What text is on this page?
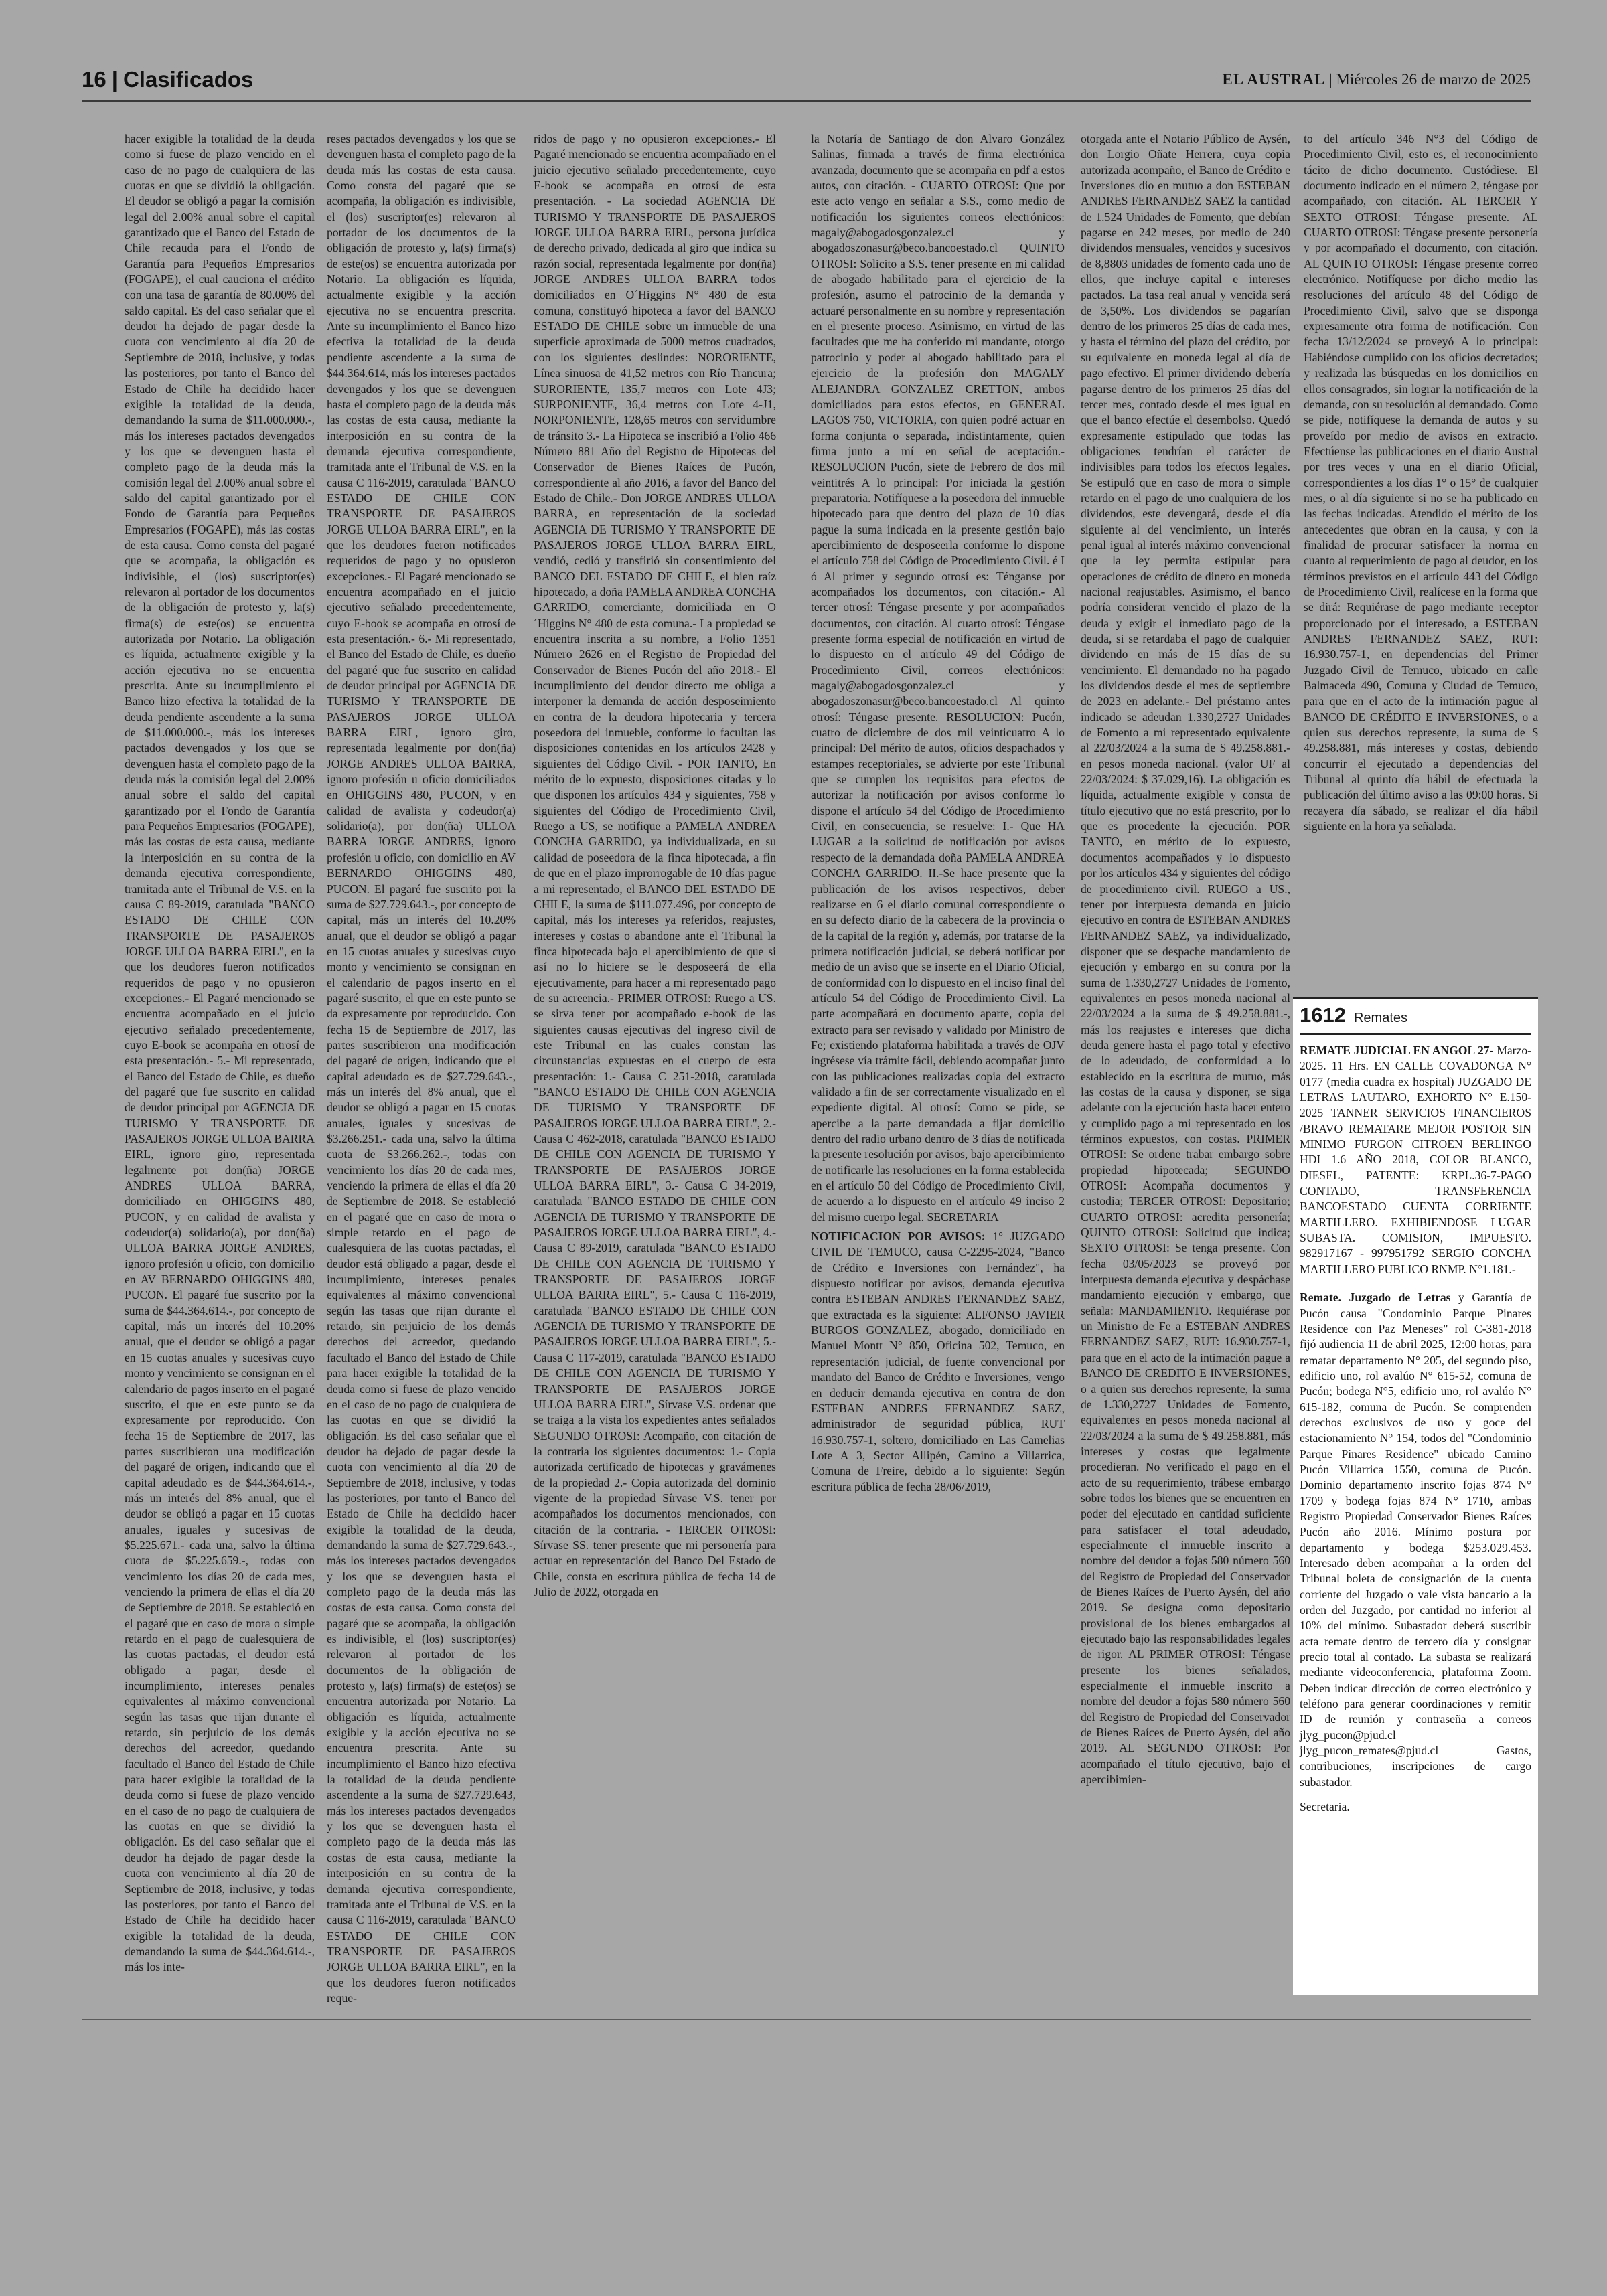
16 | Clasificados	EL AUSTRAL | Miércoles 26 de marzo de 2025

hacer exigible la totalidad de la deuda como si fuese de plazo vencido en el caso de no pago de cualquiera de las cuotas en que se dividió la obligación. El deudor se obligó a pagar la comisión legal del 2.00% anual sobre el capital garantizado que el Banco del Estado de Chile recauda para el Fondo de Garantía para Pequeños Empresarios (FOGAPE), el cual cauciona el crédito con una tasa de garantía de 80.00% del saldo capital. Es del caso señalar que el deudor ha dejado de pagar desde la cuota con vencimiento al día 20 de Septiembre de 2018, inclusive, y todas las posteriores, por tanto el Banco del Estado de Chile ha decidido hacer exigible la totalidad de la deuda, demandando la suma de $11.000.000.-, más los intereses pactados devengados y los que se devenguen hasta el completo pago de la deuda más la comisión legal del 2.00% anual sobre el saldo del capital garantizado por el Fondo de Garantía para Pequeños Empresarios (FOGAPE), más las costas de esta causa. Como consta del pagaré que se acompaña, la obligación es indivisible, el (los) suscriptor(es) relevaron al portador de los documentos de la obligación de protesto y, la(s) firma(s) de este(os) se encuentra autorizada por Notario. La obligación es líquida, actualmente exigible y la acción ejecutiva no se encuentra prescrita. Ante su incumplimiento el Banco hizo efectiva la totalidad de la deuda pendiente ascendente a la suma de $11.000.000.-, más los intereses pactados devengados y los que se devenguen hasta el completo pago de la deuda más la comisión legal del 2.00% anual sobre el saldo del capital garantizado por el Fondo de Garantía para Pequeños Empresarios (FOGAPE), más las costas de esta causa, mediante la interposición en su contra de la demanda ejecutiva correspondiente, tramitada ante el Tribunal de V.S. en la causa C 89-2019, caratulada "BANCO ESTADO DE CHILE CON TRANSPORTE DE PASAJEROS JORGE ULLOA BARRA EIRL", en la que los deudores fueron notificados requeridos de pago y no opusieron excepciones.- El Pagaré mencionado se encuentra acompañado en el juicio ejecutivo señalado precedentemente, cuyo E-book se acompaña en otrosí de esta presentación.- 5.- Mi representado, el Banco del Estado de Chile, es dueño del pagaré que fue suscrito en calidad de deudor principal por AGENCIA DE TURISMO Y TRANSPORTE DE PASAJEROS JORGE ULLOA BARRA EIRL, ignoro giro, representada legalmente por don(ña) JORGE ANDRES ULLOA BARRA, domiciliado en OHIGGINS 480, PUCON, y en calidad de avalista y codeudor(a) solidario(a), por don(ña) ULLOA BARRA JORGE ANDRES, ignoro profesión u oficio, con domicilio en AV BERNARDO OHIGGINS 480, PUCON. El pagaré fue suscrito por la suma de $44.364.614.-, por concepto de capital, más un interés del 10.20% anual, que el deudor se obligó a pagar en 15 cuotas anuales y sucesivas cuyo monto y vencimiento se consignan en el calendario de pagos inserto en el pagaré suscrito, el que en este punto se da expresamente por reproducido. Con fecha 15 de Septiembre de 2017, las partes suscribieron una modificación del pagaré de origen, indicando que el capital adeudado es de $44.364.614.-, más un interés del 8% anual, que el deudor se obligó a pagar en 15 cuotas anuales, iguales y sucesivas de $5.225.671.- cada una, salvo la última cuota de $5.225.659.-, todas con vencimiento los días 20 de cada mes, venciendo la primera de ellas el día 20 de Septiembre de 2018. Se estableció en el pagaré que en caso de mora o simple retardo en el pago de cualesquiera de las cuotas pactadas, el deudor está obligado a pagar, desde el incumplimiento, intereses penales equivalentes al máximo convencional según las tasas que rijan durante el retardo, sin perjuicio de los demás derechos del acreedor, quedando facultado el Banco del Estado de Chile para hacer exigible la totalidad de la deuda como si fuese de plazo vencido en el caso de no pago de cualquiera de las cuotas en que se dividió la obligación. Es del caso señalar que el deudor ha dejado de pagar desde la cuota con vencimiento al día 20 de Septiembre de 2018, inclusive, y todas las posteriores, por tanto el Banco del Estado de Chile ha decidido hacer exigible la totalidad de la deuda, demandando la suma de $44.364.614.-, más los inte-

reses pactados devengados y los que se devenguen hasta el completo pago de la deuda más las costas de esta causa. Como consta del pagaré que se acompaña, la obligación es indivisible, el (los) suscriptor(es) relevaron al portador de los documentos de la obligación de protesto y, la(s) firma(s) de este(os) se encuentra autorizada por Notario. La obligación es líquida, actualmente exigible y la acción ejecutiva no se encuentra prescrita. Ante su incumplimiento el Banco hizo efectiva la totalidad de la deuda pendiente ascendente a la suma de $44.364.614, más los intereses pactados devengados y los que se devenguen hasta el completo pago de la deuda más las costas de esta causa, mediante la interposición en su contra de la demanda ejecutiva correspondiente, tramitada ante el Tribunal de V.S. en la causa C 116-2019, caratulada "BANCO ESTADO DE CHILE CON TRANSPORTE DE PASAJEROS JORGE ULLOA BARRA EIRL", en la que los deudores fueron notificados requeridos de pago y no opusieron excepciones.- El Pagaré mencionado se encuentra acompañado en el juicio ejecutivo señalado precedentemente, cuyo E-book se acompaña en otrosí de esta presentación.- 6.- Mi representado, el Banco del Estado de Chile, es dueño del pagaré que fue suscrito en calidad de deudor principal por AGENCIA DE TURISMO Y TRANSPORTE DE PASAJEROS JORGE ULLOA BARRA EIRL, ignoro giro, representada legalmente por don(ña) JORGE ANDRES ULLOA BARRA, ignoro profesión u oficio domiciliados en OHIGGINS 480, PUCON, y en calidad de avalista y codeudor(a) solidario(a), por don(ña) ULLOA BARRA JORGE ANDRES, ignoro profesión u oficio, con domicilio en AV BERNARDO OHIGGINS 480, PUCON. El pagaré fue suscrito por la suma de $27.729.643.-, por concepto de capital, más un interés del 10.20% anual, que el deudor se obligó a pagar en 15 cuotas anuales y sucesivas cuyo monto y vencimiento se consignan en el calendario de pagos inserto en el pagaré suscrito, el que en este punto se da expresamente por reproducido. Con fecha 15 de Septiembre de 2017, las partes suscribieron una modificación del pagaré de origen, indicando que el capital adeudado es de $27.729.643.-, más un interés del 8% anual, que el deudor se obligó a pagar en 15 cuotas anuales, iguales y sucesivas de $3.266.251.- cada una, salvo la última cuota de $3.266.262.-, todas con vencimiento los días 20 de cada mes, venciendo la primera de ellas el día 20 de Septiembre de 2018. Se estableció en el pagaré que en caso de mora o simple retardo en el pago de cualesquiera de las cuotas pactadas, el deudor está obligado a pagar, desde el incumplimiento, intereses penales equivalentes al máximo convencional según las tasas que rijan durante el retardo, sin perjuicio de los demás derechos del acreedor, quedando facultado el Banco del Estado de Chile para hacer exigible la totalidad de la deuda como si fuese de plazo vencido en el caso de no pago de cualquiera de las cuotas en que se dividió la obligación. Es del caso señalar que el deudor ha dejado de pagar desde la cuota con vencimiento al día 20 de Septiembre de 2018, inclusive, y todas las posteriores, por tanto el Banco del Estado de Chile ha decidido hacer exigible la totalidad de la deuda, demandando la suma de $27.729.643.-, más los intereses pactados devengados y los que se devenguen hasta el completo pago de la deuda más las costas de esta causa. Como consta del pagaré que se acompaña, la obligación es indivisible, el (los) suscriptor(es) relevaron al portador de los documentos de la obligación de protesto y, la(s) firma(s) de este(os) se encuentra autorizada por Notario. La obligación es líquida, actualmente exigible y la acción ejecutiva no se encuentra prescrita. Ante su incumplimiento el Banco hizo efectiva la totalidad de la deuda pendiente ascendente a la suma de $27.729.643, más los intereses pactados devengados y los que se devenguen hasta el completo pago de la deuda más las costas de esta causa, mediante la interposición en su contra de la demanda ejecutiva correspondiente, tramitada ante el Tribunal de V.S. en la causa C 116-2019, caratulada "BANCO ESTADO DE CHILE CON TRANSPORTE DE PASAJEROS JORGE ULLOA BARRA EIRL", en la que los deudores fueron notificados reque-

ridos de pago y no opusieron excepciones.- El Pagaré mencionado se encuentra acompañado en el juicio ejecutivo señalado precedentemente, cuyo E-book se acompaña en otrosí de esta presentación. - La sociedad AGENCIA DE TURISMO Y TRANSPORTE DE PASAJEROS JORGE ULLOA BARRA EIRL, persona jurídica de derecho privado, dedicada al giro que indica su razón social, representada legalmente por don(ña) JORGE ANDRES ULLOA BARRA todos domiciliados en O´Higgins N° 480 de esta comuna, constituyó hipoteca a favor del BANCO ESTADO DE CHILE sobre un inmueble de una superficie aproximada de 5000 metros cuadrados, con los siguientes deslindes: NORORIENTE, Línea sinuosa de 41,52 metros con Río Trancura; SURORIENTE, 135,7 metros con Lote 4J3; SURPONIENTE, 36,4 metros con Lote 4-J1, NORPONIENTE, 128,65 metros con servidumbre de tránsito 3.- La Hipoteca se inscribió a Folio 466 Número 881 Año del Registro de Hipotecas del Conservador de Bienes Raíces de Pucón, correspondiente al año 2016, a favor del Banco del Estado de Chile.- Don JORGE ANDRES ULLOA BARRA, en representación de la sociedad AGENCIA DE TURISMO Y TRANSPORTE DE PASAJEROS JORGE ULLOA BARRA EIRL, vendió, cedió y transfirió sin consentimiento del BANCO DEL ESTADO DE CHILE, el bien raíz hipotecado, a doña PAMELA ANDREA CONCHA GARRIDO, comerciante, domiciliada en O´Higgins N° 480 de esta comuna.- La propiedad se encuentra inscrita a su nombre, a Folio 1351 Número 2626 en el Registro de Propiedad del Conservador de Bienes Pucón del año 2018.- El incumplimiento del deudor directo me obliga a interponer la demanda de acción desposeimiento en contra de la deudora hipotecaria y tercera poseedora del inmueble, conforme lo facultan las disposiciones contenidas en los artículos 2428 y siguientes del Código Civil. - POR TANTO, En mérito de lo expuesto, disposiciones citadas y lo que disponen los artículos 434 y siguientes, 758 y siguientes del Código de Procedimiento Civil, Ruego a US, se notifique a PAMELA ANDREA CONCHA GARRIDO, ya individualizada, en su calidad de poseedora de la finca hipotecada, a fin de que en el plazo improrrogable de 10 días pague a mi representado, el BANCO DEL ESTADO DE CHILE, la suma de $111.077.496, por concepto de capital, más los intereses ya referidos, reajustes, intereses y costas o abandone ante el Tribunal la finca hipotecada bajo el apercibimiento de que si así no lo hiciere se le desposeerá de ella ejecutivamente, para hacer a mi representado pago de su acreencia.- PRIMER OTROSI: Ruego a US. se sirva tener por acompañado e-book de las siguientes causas ejecutivas del ingreso civil de este Tribunal en las cuales constan las circunstancias expuestas en el cuerpo de esta presentación: 1.- Causa C 251-2018, caratulada "BANCO ESTADO DE CHILE CON AGENCIA DE TURISMO Y TRANSPORTE DE PASAJEROS JORGE ULLOA BARRA EIRL", 2.- Causa C 462-2018, caratulada "BANCO ESTADO DE CHILE CON AGENCIA DE TURISMO Y TRANSPORTE DE PASAJEROS JORGE ULLOA BARRA EIRL", 3.- Causa C 34-2019, caratulada "BANCO ESTADO DE CHILE CON AGENCIA DE TURISMO Y TRANSPORTE DE PASAJEROS JORGE ULLOA BARRA EIRL", 4.- Causa C 89-2019, caratulada "BANCO ESTADO DE CHILE CON AGENCIA DE TURISMO Y TRANSPORTE DE PASAJEROS JORGE ULLOA BARRA EIRL", 5.- Causa C 116-2019, caratulada "BANCO ESTADO DE CHILE CON AGENCIA DE TURISMO Y TRANSPORTE DE PASAJEROS JORGE ULLOA BARRA EIRL", 5.- Causa C 117-2019, caratulada "BANCO ESTADO DE CHILE CON AGENCIA DE TURISMO Y TRANSPORTE DE PASAJEROS JORGE ULLOA BARRA EIRL", Sírvase V.S. ordenar que se traiga a la vista los expedientes antes señalados SEGUNDO OTROSI: Acompaño, con citación de la contraria los siguientes documentos: 1.- Copia autorizada certificado de hipotecas y gravámenes de la propiedad 2.- Copia autorizada del dominio vigente de la propiedad Sírvase V.S. tener por acompañados los documentos mencionados, con citación de la contraria. - TERCER OTROSI: Sírvase SS. tener presente que mi personería para actuar en representación del Banco Del Estado de Chile, consta en escritura pública de fecha 14 de Julio de 2022, otorgada en

la Notaría de Santiago de don Alvaro González Salinas, firmada a través de firma electrónica avanzada, documento que se acompaña en pdf a estos autos, con citación. - CUARTO OTROSI: Que por este acto vengo en señalar a S.S., como medio de notificación los siguientes correos electrónicos: magaly@abogadosgonzalez.cl y abogadoszonasur@beco.bancoestado.cl QUINTO OTROSI: Solicito a S.S. tener presente en mi calidad de abogado habilitado para el ejercicio de la profesión, asumo el patrocinio de la demanda y actuaré personalmente en su nombre y representación en el presente proceso. Asimismo, en virtud de las facultades que me ha conferido mi mandante, otorgo patrocinio y poder al abogado habilitado para el ejercicio de la profesión don MAGALY ALEJANDRA GONZALEZ CRETTON, ambos domiciliados para estos efectos, en GENERAL LAGOS 750, VICTORIA, con quien podré actuar en forma conjunta o separada, indistintamente, quien firma junto a mí en señal de aceptación.- RESOLUCION Pucón, siete de Febrero de dos mil veintitrés A lo principal: Por iniciada la gestión preparatoria. Notifíquese a la poseedora del inmueble hipotecado para que dentro del plazo de 10 días pague la suma indicada en la presente gestión bajo apercibimiento de desposeerla conforme lo dispone el artículo 758 del Código de Procedimiento Civil. é I ó Al primer y segundo otrosí es: Ténganse por acompañados los documentos, con citación.- Al tercer otrosí: Téngase presente y por acompañados documentos, con citación. Al cuarto otrosí: Téngase presente forma especial de notificación en virtud de lo dispuesto en el artículo 49 del Código de Procedimiento Civil, correos electrónicos: magaly@abogadosgonzalez.cl y abogadoszonasur@beco.bancoestado.cl Al quinto otrosí: Téngase presente. RESOLUCION: Pucón, cuatro de diciembre de dos mil veinticuatro A lo principal: Del mérito de autos, oficios despachados y estampes receptoriales, se advierte por este Tribunal que se cumplen los requisitos para efectos de autorizar la notificación por avisos conforme lo dispone el artículo 54 del Código de Procedimiento Civil, en consecuencia, se resuelve: I.- Que HA LUGAR a la solicitud de notificación por avisos respecto de la demandada doña PAMELA ANDREA CONCHA GARRIDO. II.-Se hace presente que la publicación de los avisos respectivos, deber realizarse en 6 el diario comunal correspondiente o en su defecto diario de la cabecera de la provincia o de la capital de la región y, además, por tratarse de la primera notificación judicial, se deberá notificar por medio de un aviso que se inserte en el Diario Oficial, de conformidad con lo dispuesto en el inciso final del artículo 54 del Código de Procedimiento Civil. La parte acompañará en documento aparte, copia del extracto para ser revisado y validado por Ministro de Fe; existiendo plataforma habilitada a través de OJV ingrésese vía trámite fácil, debiendo acompañar junto con las publicaciones realizadas copia del extracto validado a fin de ser correctamente visualizado en el expediente digital. Al otrosí: Como se pide, se apercibe a la parte demandada a fijar domicilio dentro del radio urbano dentro de 3 días de notificada la presente resolución por avisos, bajo apercibimiento de notificarle las resoluciones en la forma establecida en el artículo 50 del Código de Procedimiento Civil, de acuerdo a lo dispuesto en el artículo 49 inciso 2 del mismo cuerpo legal. SECRETARIA

NOTIFICACION POR AVISOS: 1° JUZGADO CIVIL DE TEMUCO, causa C-2295-2024, "Banco de Crédito e Inversiones con Fernández", ha dispuesto notificar por avisos, demanda ejecutiva contra ESTEBAN ANDRES FERNANDEZ SAEZ, que extractada es la siguiente: ALFONSO JAVIER BURGOS GONZALEZ, abogado, domiciliado en Manuel Montt N° 850, Oficina 502, Temuco, en representación judicial, de fuente convencional por mandato del Banco de Crédito e Inversiones, vengo en deducir demanda ejecutiva en contra de don ESTEBAN ANDRES FERNANDEZ SAEZ, administrador de seguridad pública, RUT 16.930.757-1, soltero, domiciliado en Las Camelias Lote A 3, Sector Allipén, Camino a Villarrica, Comuna de Freire, debido a lo siguiente: Según escritura pública de fecha 28/06/2019,

otorgada ante el Notario Público de Aysén, don Lorgio Oñate Herrera, cuya copia autorizada acompaño, el Banco de Crédito e Inversiones dio en mutuo a don ESTEBAN ANDRES FERNANDEZ SAEZ la cantidad de 1.524 Unidades de Fomento, que debían pagarse en 242 meses, por medio de 240 dividendos mensuales, vencidos y sucesivos de 8,8803 unidades de fomento cada uno de ellos, que incluye capital e intereses pactados. La tasa real anual y vencida será de 3,50%. Los dividendos se pagarían dentro de los primeros 25 días de cada mes, y hasta el término del plazo del crédito, por su equivalente en moneda legal al día de pago efectivo. El primer dividendo debería pagarse dentro de los primeros 25 días del tercer mes, contado desde el mes igual en que el banco efectúe el desembolso. Quedó expresamente estipulado que todas las obligaciones tendrían el carácter de indivisibles para todos los efectos legales. Se estipuló que en caso de mora o simple retardo en el pago de uno cualquiera de los dividendos, este devengará, desde el día siguiente al del vencimiento, un interés penal igual al interés máximo convencional que la ley permita estipular para operaciones de crédito de dinero en moneda nacional reajustables. Asimismo, el banco podría considerar vencido el plazo de la deuda y exigir el inmediato pago de la deuda, si se retardaba el pago de cualquier dividendo en más de 15 días de su vencimiento. El demandado no ha pagado los dividendos desde el mes de septiembre de 2023 en adelante.- Del préstamo antes indicado se adeudan 1.330,2727 Unidades de Fomento a mi representado equivalente al 22/03/2024 a la suma de $ 49.258.881.- en pesos moneda nacional. (valor UF al 22/03/2024: $ 37.029,16). La obligación es líquida, actualmente exigible y consta de título ejecutivo que no está prescrito, por lo que es procedente la ejecución. POR TANTO, en mérito de lo expuesto, documentos acompañados y lo dispuesto por los artículos 434 y siguientes del código de procedimiento civil. RUEGO a US., tener por interpuesta demanda en juicio ejecutivo en contra de ESTEBAN ANDRES FERNANDEZ SAEZ, ya individualizado, disponer que se despache mandamiento de ejecución y embargo en su contra por la suma de 1.330,2727 Unidades de Fomento, equivalentes en pesos moneda nacional al 22/03/2024 a la suma de $ 49.258.881.-, más los reajustes e intereses que dicha deuda genere hasta el pago total y efectivo de lo adeudado, de conformidad a lo establecido en la escritura de mutuo, más las costas de la causa y disponer, se siga adelante con la ejecución hasta hacer entero y cumplido pago a mi representado en los términos expuestos, con costas. PRIMER OTROSI: Se ordene trabar embargo sobre propiedad hipotecada; SEGUNDO OTROSI: Acompaña documentos y custodia; TERCER OTROSI: Depositario; CUARTO OTROSI: acredita personería; QUINTO OTROSI: Solicitud que indica; SEXTO OTROSI: Se tenga presente. Con fecha 03/05/2023 se proveyó por interpuesta demanda ejecutiva y despáchase mandamiento ejecución y embargo, que señala: MANDAMIENTO. Requiérase por un Ministro de Fe a ESTEBAN ANDRES FERNANDEZ SAEZ, RUT: 16.930.757-1, para que en el acto de la intimación pague a BANCO DE CREDITO E INVERSIONES, o a quien sus derechos represente, la suma de 1.330,2727 Unidades de Fomento, equivalentes en pesos moneda nacional al 22/03/2024 a la suma de $ 49.258.881, más intereses y costas que legalmente procedieran. No verificado el pago en el acto de su requerimiento, trábese embargo sobre todos los bienes que se encuentren en poder del ejecutado en cantidad suficiente para satisfacer el total adeudado, especialmente el inmueble inscrito a nombre del deudor a fojas 580 número 560 del Registro de Propiedad del Conservador de Bienes Raíces de Puerto Aysén, del año 2019. Se designa como depositario provisional de los bienes embargados al ejecutado bajo las responsabilidades legales de rigor. AL PRIMER OTROSI: Téngase presente los bienes señalados, especialmente el inmueble inscrito a nombre del deudor a fojas 580 número 560 del Registro de Propiedad del Conservador de Bienes Raíces de Puerto Aysén, del año 2019. AL SEGUNDO OTROSI: Por acompañado el título ejecutivo, bajo el apercibimien-

to del artículo 346 N°3 del Código de Procedimiento Civil, esto es, el reconocimiento tácito de dicho documento. Custódiese. El documento indicado en el número 2, téngase por acompañado, con citación. AL TERCER Y SEXTO OTROSI: Téngase presente. AL CUARTO OTROSI: Téngase presente personería y por acompañado el documento, con citación. AL QUINTO OTROSI: Téngase presente correo electrónico. Notifíquese por dicho medio las resoluciones del artículo 48 del Código de Procedimiento Civil, salvo que se disponga expresamente otra forma de notificación. Con fecha 13/12/2024 se proveyó A lo principal: Habiéndose cumplido con los oficios decretados; y realizada las búsquedas en los domicilios en ellos consagrados, sin lograr la notificación de la demanda, con su resolución al demandado. Como se pide, notifíquese la demanda de autos y su proveído por medio de avisos en extracto. Efectúense las publicaciones en el diario Austral por tres veces y una en el diario Oficial, correspondientes a los días 1° o 15° de cualquier mes, o al día siguiente si no se ha publicado en las fechas indicadas. Atendido el mérito de los antecedentes que obran en la causa, y con la finalidad de procurar satisfacer la norma en cuanto al requerimiento de pago al deudor, en los términos previstos en el artículo 443 del Código de Procedimiento Civil, realícese en la forma que se dirá: Requiérase de pago mediante receptor proporcionado por el interesado, a ESTEBAN ANDRES FERNANDEZ SAEZ, RUT: 16.930.757-1, en dependencias del Primer Juzgado Civil de Temuco, ubicado en calle Balmaceda 490, Comuna y Ciudad de Temuco, para que en el acto de la intimación pague al BANCO DE CRÉDITO E INVERSIONES, o a quien sus derechos represente, la suma de $ 49.258.881, más intereses y costas, debiendo concurrir el ejecutado a dependencias del Tribunal al quinto día hábil de efectuada la publicación del último aviso a las 09:00 horas. Si recayera día sábado, se realizar el día hábil siguiente en la hora ya señalada.

1612 Remates
REMATE JUDICIAL EN ANGOL 27- Marzo-2025. 11 Hrs. EN CALLE COVADONGA N° 0177 (media cuadra ex hospital) JUZGADO DE LETRAS LAUTARO, EXHORTO N° E.150-2025 TANNER SERVICIOS FINANCIEROS /BRAVO REMATARE MEJOR POSTOR SIN MINIMO FURGON CITROEN BERLINGO HDI 1.6 AÑO 2018, COLOR BLANCO, DIESEL, PATENTE: KRPL.36-7-PAGO CONTADO, TRANSFERENCIA BANCOESTADO CUENTA CORRIENTE MARTILLERO. EXHIBIENDOSE LUGAR SUBASTA. COMISION, IMPUESTO. 982917167 - 997951792 SERGIO CONCHA MARTILLERO PUBLICO RNMP. N°1.181.-
Remate. Juzgado de Letras y Garantía de Pucón causa "Condominio Parque Pinares Residence con Paz Meneses" rol C-381-2018 fijó audiencia 11 de abril 2025, 12:00 horas, para rematar departamento N° 205, del segundo piso, edificio uno, rol avalúo N° 615-52, comuna de Pucón; bodega N°5, edificio uno, rol avalúo N° 615-182, comuna de Pucón. Se comprenden derechos exclusivos de uso y goce del estacionamiento N° 154, todos del "Condominio Parque Pinares Residence" ubicado Camino Pucón Villarrica 1550, comuna de Pucón. Dominio departamento inscrito fojas 874 N° 1709 y bodega fojas 874 N° 1710, ambas Registro Propiedad Conservador Bienes Raíces Pucón año 2016. Mínimo postura por departamento y bodega $253.029.453. Interesado deben acompañar a la orden del Tribunal boleta de consignación de la cuenta corriente del Juzgado o vale vista bancario a la orden del Juzgado, por cantidad no inferior al 10% del mínimo. Subastador deberá suscribir acta remate dentro de tercero día y consignar precio total al contado. La subasta se realizará mediante videoconferencia, plataforma Zoom. Deben indicar dirección de correo electrónico y teléfono para generar coordinaciones y remitir ID de reunión y contraseña a correos jlyg_pucon@pjud.cl jlyg_pucon_remates@pjud.cl Gastos, contribuciones, inscripciones de cargo subastador.
Secretaria.
